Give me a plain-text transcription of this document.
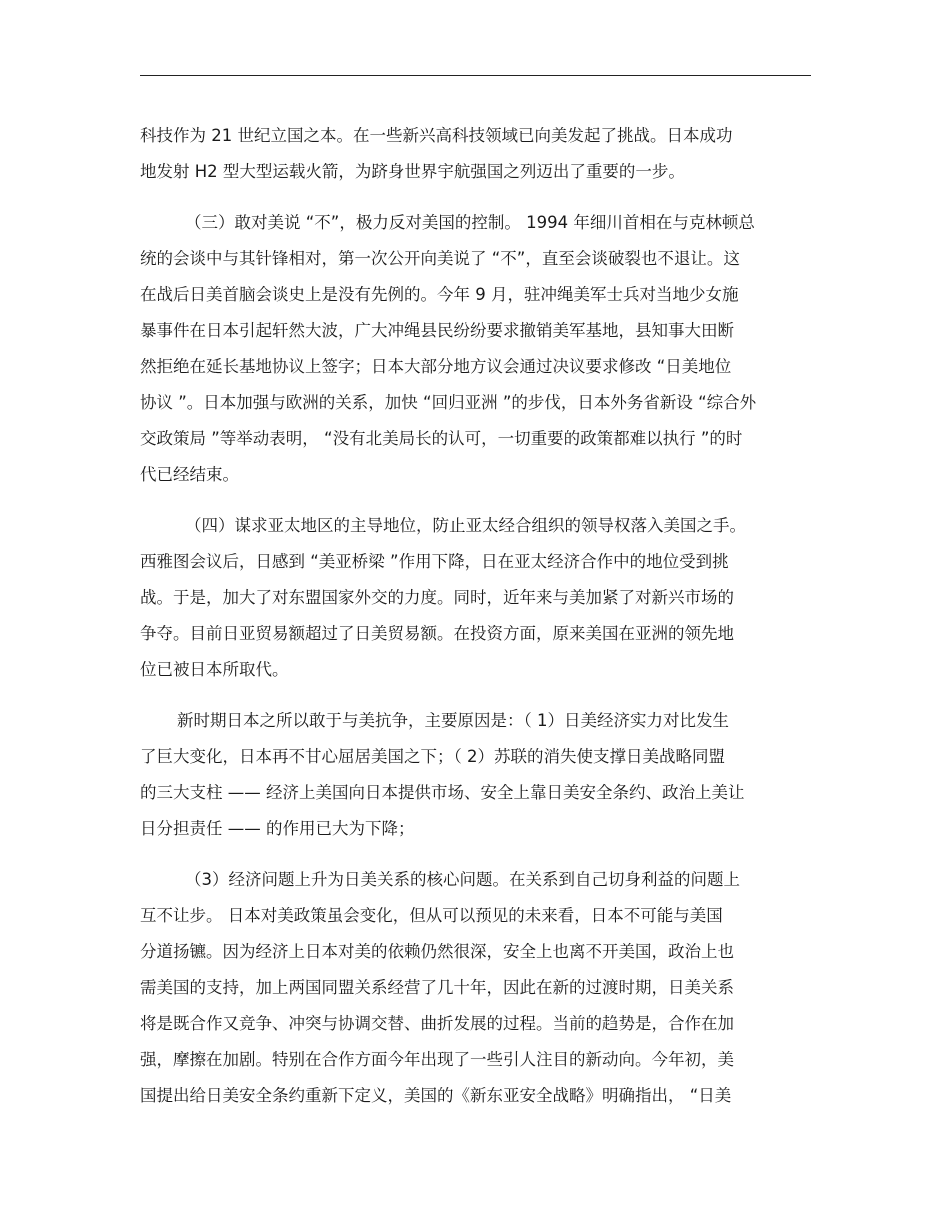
科技作为 21 世纪立国之本。在一些新兴高科技领域已向美发起了挑战。日本成功
地发射 H2 型大型运载火箭，为跻身世界宇航强国之列迈出了重要的一步。
（三）敢对美说 “不”，极力反对美国的控制。 1994 年细川首相在与克林顿总
统的会谈中与其针锋相对，第一次公开向美说了 “不”，直至会谈破裂也不退让。这
在战后日美首脑会谈史上是没有先例的。今年 9 月，驻冲绳美军士兵对当地少女施
暴事件在日本引起轩然大波，广大冲绳县民纷纷要求撤销美军基地，县知事大田断
然拒绝在延长基地协议上签字；日本大部分地方议会通过决议要求修改 “日美地位
协议 ”。日本加强与欧洲的关系，加快 “回归亚洲 ”的步伐，日本外务省新设 “综合外
交政策局 ”等举动表明， “没有北美局长的认可，一切重要的政策都难以执行 ”的时
代已经结束。
（四）谋求亚太地区的主导地位，防止亚太经合组织的领导权落入美国之手。
西雅图会议后，日感到 “美亚桥梁 ”作用下降，日在亚太经济合作中的地位受到挑
战。于是，加大了对东盟国家外交的力度。同时，近年来与美加紧了对新兴市场的
争夺。目前日亚贸易额超过了日美贸易额。在投资方面，原来美国在亚洲的领先地
位已被日本所取代。
新时期日本之所以敢于与美抗争，主要原因是：（ 1）日美经济实力对比发生
了巨大变化，日本再不甘心屈居美国之下；（ 2）苏联的消失使支撑日美战略同盟
的三大支柱 —— 经济上美国向日本提供市场、安全上靠日美安全条约、政治上美让
日分担责任 —— 的作用已大为下降；
（3）经济问题上升为日美关系的核心问题。在关系到自己切身利益的问题上
互不让步。 日本对美政策虽会变化，但从可以预见的未来看，日本不可能与美国
分道扬镳。因为经济上日本对美的依赖仍然很深，安全上也离不开美国，政治上也
需美国的支持，加上两国同盟关系经营了几十年，因此在新的过渡时期，日美关系
将是既合作又竞争、冲突与协调交替、曲折发展的过程。当前的趋势是，合作在加
强，摩擦在加剧。特别在合作方面今年出现了一些引人注目的新动向。今年初，美
国提出给日美安全条约重新下定义，美国的《新东亚安全战略》明确指出， “日美
